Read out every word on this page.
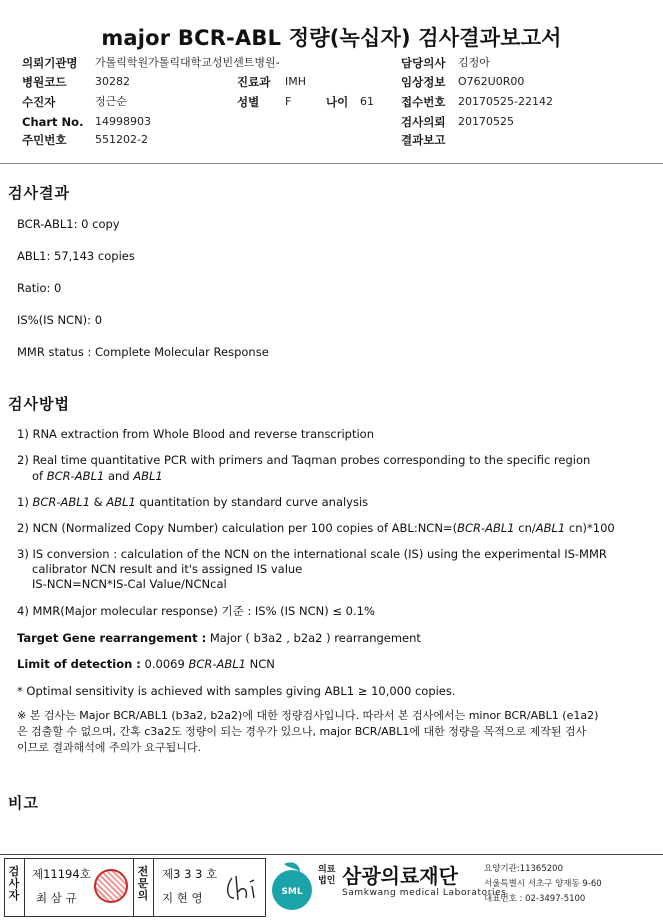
major BCR-ABL 정량(녹십자) 검사결과보고서
의뢰기관명 가톨릭학원가톨릭대학교성빈센트병원-
병원코드	30282	진료과 IMH
수진자	정근순	성별 F	나이 61
Chart No. 14998903
주민번호	551202-2
담당의사 김정아
임상정보 O762U0R00
접수번호 20170525-22142
검사의뢰 20170525
결과보고
검사결과
BCR-ABL1: 0 copy
ABL1: 57,143 copies
Ratio: 0
IS%(IS NCN): 0
MMR status : Complete Molecular Response
검사방법
1) RNA extraction from Whole Blood and reverse transcription
2) Real time quantitative PCR with primers and Taqman probes corresponding to the specific region
of BCR-ABL1 and ABL1
1) BCR-ABL1 & ABL1 quantitation by standard curve analysis
2) NCN (Normalized Copy Number) calculation per 100 copies of ABL:NCN=(BCR-ABL1 cn/ABL1 cn)*100
3) IS conversion : calculation of the NCN on the international scale (IS) using the experimental IS-MMR
calibrator NCN result and it's assigned IS value
IS-NCN=NCN*IS-Cal Value/NCNcal
4) MMR(Major molecular response) 기준 : IS% (IS NCN) ≤ 0.1%
Target Gene rearrangement : Major ( b3a2 , b2a2 ) rearrangement
Limit of detection : 0.0069 BCR-ABL1 NCN
* Optimal sensitivity is achieved with samples giving ABL1 ≥ 10,000 copies.
※ 본 검사는 Major BCR/ABL1 (b3a2, b2a2)에 대한 정량검사입니다. 따라서 본 검사에서는 minor BCR/ABL1 (e1a2)
은 검출할 수 없으며, 간혹 c3a2도 정량이 되는 경우가 있으나, major BCR/ABL1에 대한 정량을 목적으로 제작된 검사
이므로 결과해석에 주의가 요구됩니다.
비고
검사자
제11194호
최 삼 규
전문의
제3 3 3 호
지 현 영	SML
의료
법인 삼광의료재단
Samkwang medical Laboratories
요양기관:11365200
서울특별시 서초구 양재동 9-60
대표번호 : 02-3497-5100
